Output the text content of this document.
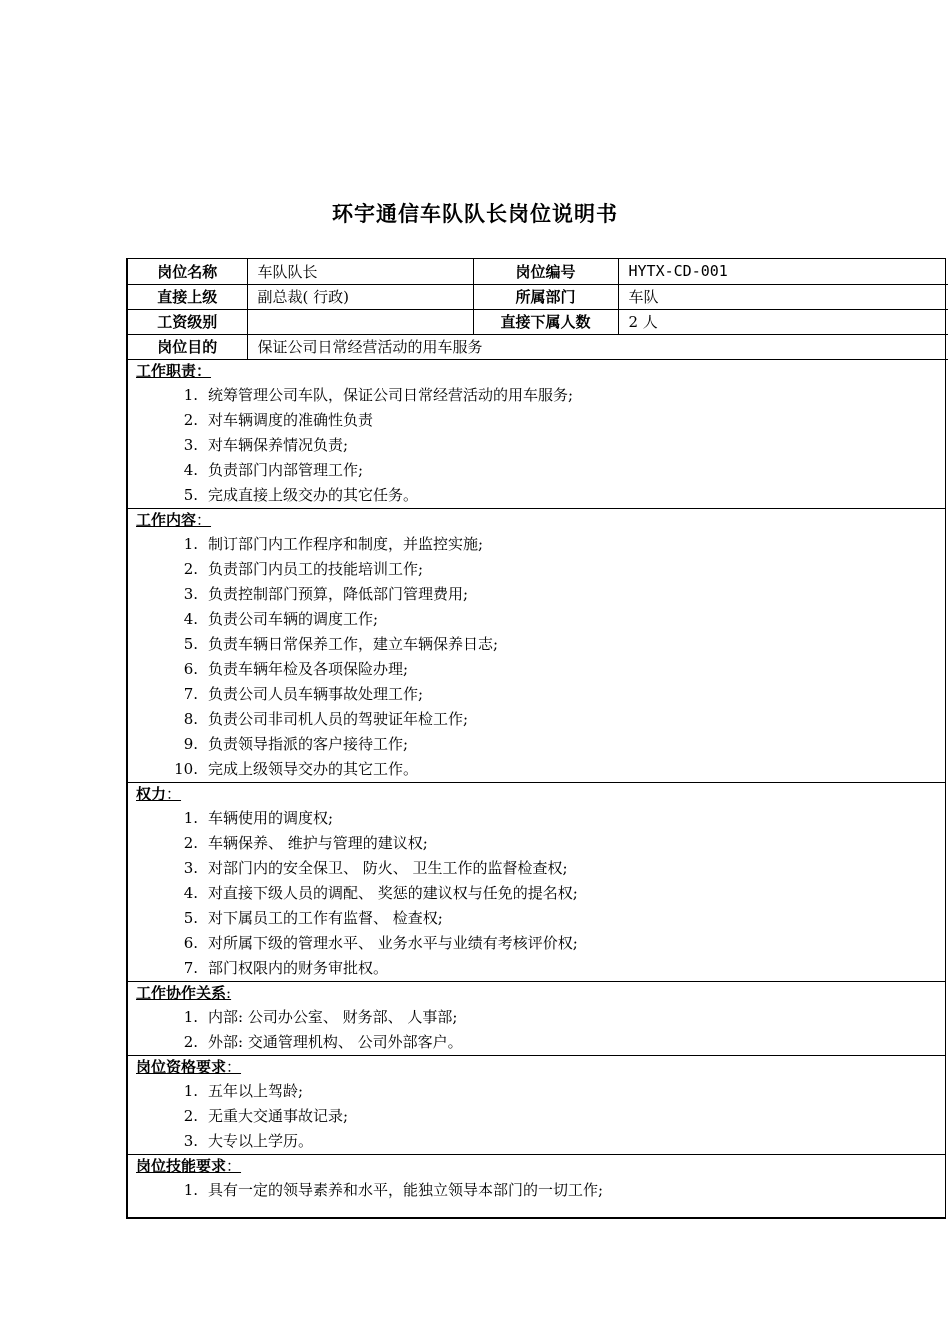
环宇通信车队队长岗位说明书
岗位名称	车队队长	岗位编号	HYTX-CD-001
直接上级	副总裁( 行政)	所属部门	车队
工资级别		直接下属人数	2 人
岗位目的	保证公司日常经营活动的用车服务		
工作职责：
1. 统筹管理公司车队，保证公司日常经营活动的用车服务;
2. 对车辆调度的准确性负责
3. 对车辆保养情况负责;
4. 负责部门内部管理工作;
5. 完成直接上级交办的其它任务。
工作内容：
1. 制订部门内工作程序和制度，并监控实施;
2. 负责部门内员工的技能培训工作;
3. 负责控制部门预算，降低部门管理费用;
4. 负责公司车辆的调度工作;
5. 负责车辆日常保养工作，建立车辆保养日志;
6. 负责车辆年检及各项保险办理;
7. 负责公司人员车辆事故处理工作;
8. 负责公司非司机人员的驾驶证年检工作;
9. 负责领导指派的客户接待工作;
10. 完成上级领导交办的其它工作。
权力：
1. 车辆使用的调度权;
2. 车辆保养、 维护与管理的建议权;
3. 对部门内的安全保卫、 防火、 卫生工作的监督检查权;
4. 对直接下级人员的调配、 奖惩的建议权与任免的提名权;
5. 对下属员工的工作有监督、 检查权;
6. 对所属下级的管理水平、 业务水平与业绩有考核评价权;
7. 部门权限内的财务审批权。
工作协作关系:
1. 内部: 公司办公室、 财务部、 人事部;
2. 外部: 交通管理机构、 公司外部客户。
岗位资格要求：
1. 五年以上驾龄;
2. 无重大交通事故记录;
3. 大专以上学历。
岗位技能要求：
1. 具有一定的领导素养和水平，能独立领导本部门的一切工作;
